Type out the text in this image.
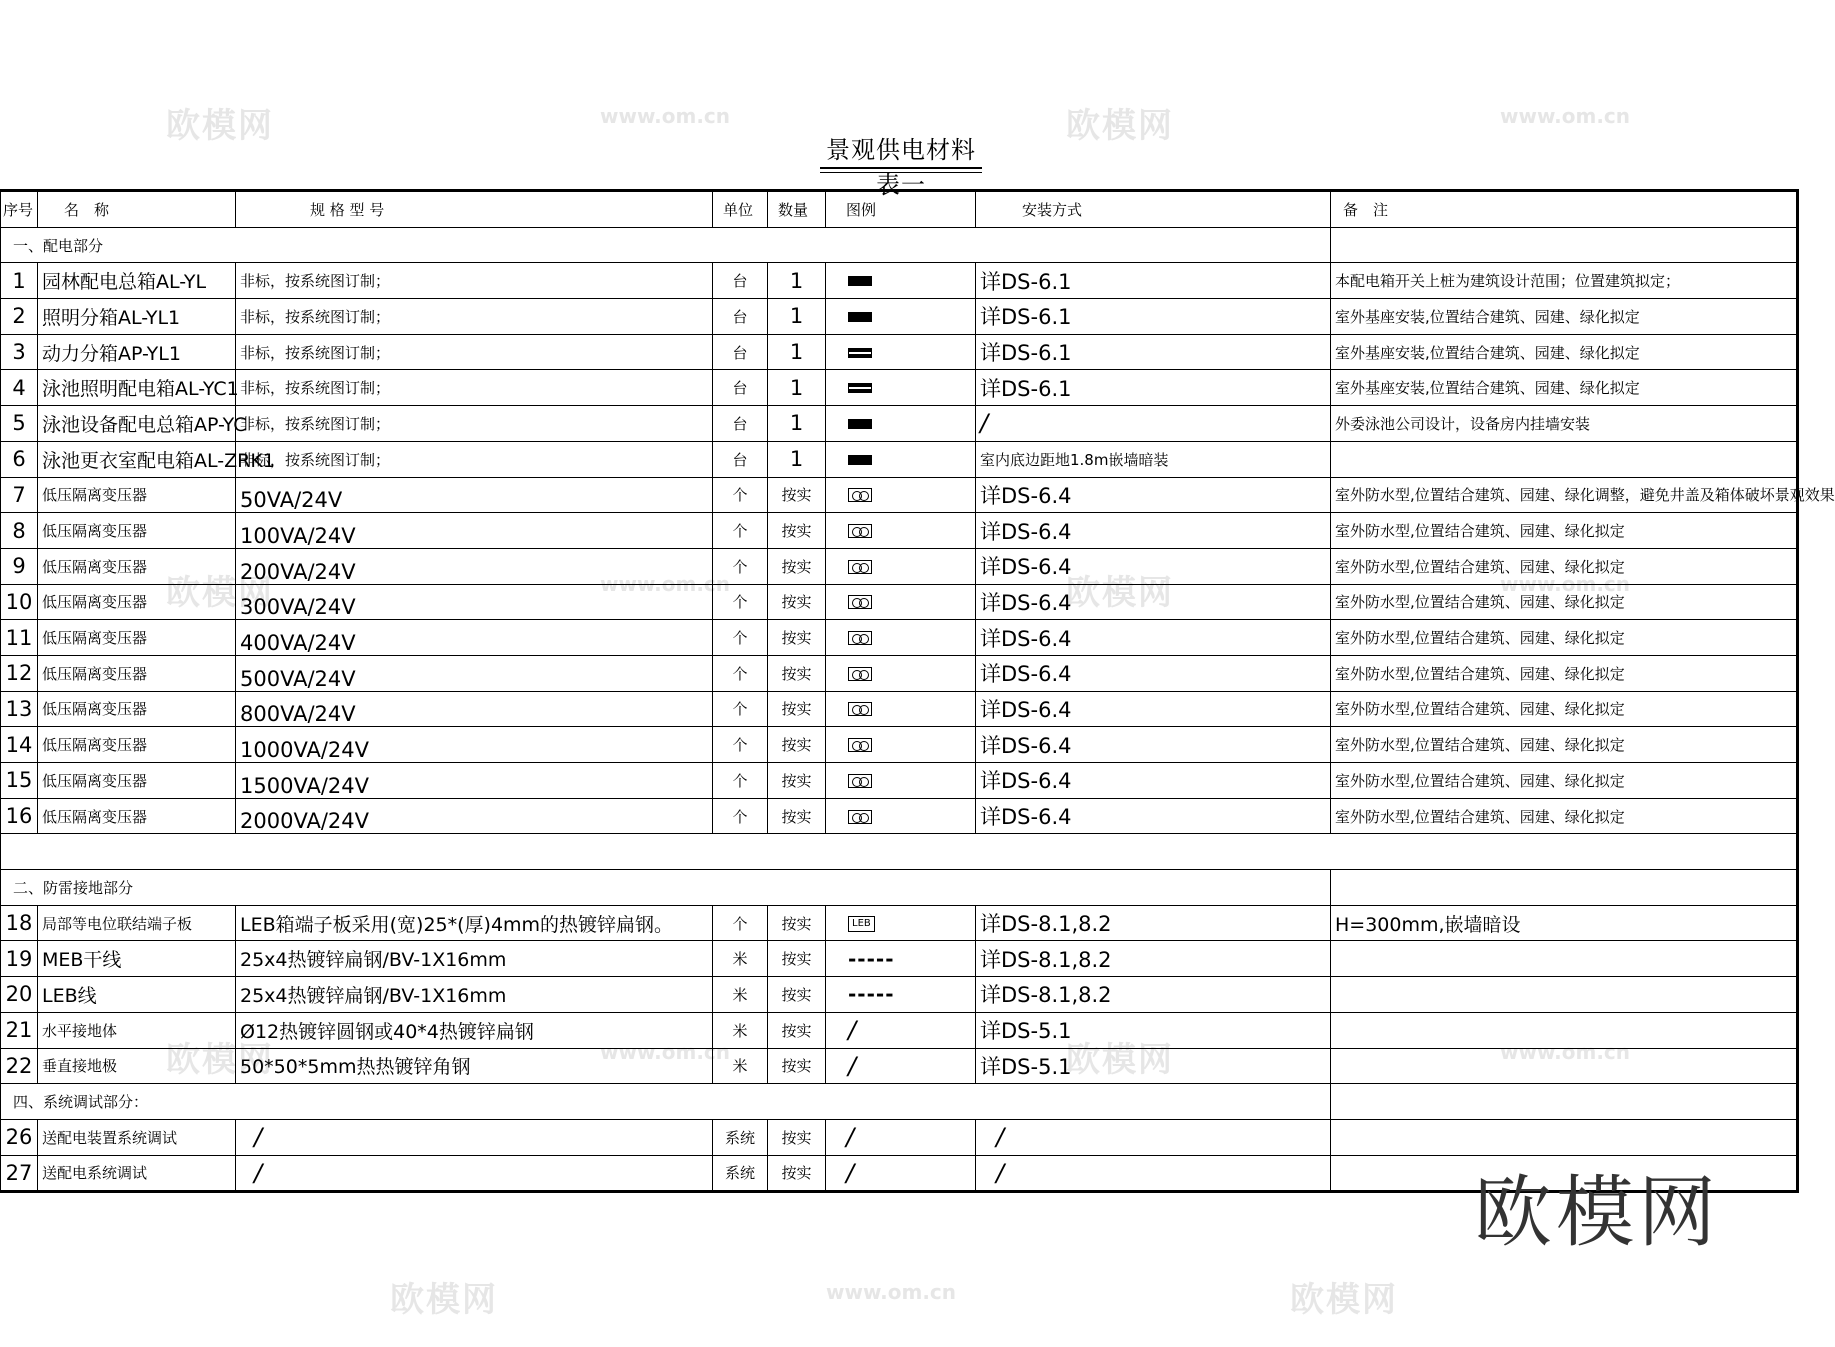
欧模网	www.om.cn	欧模网	www.om.cn
欧模网	www.om.cn	欧模网	www.om.cn
欧模网	www.om.cn	欧模网	www.om.cn
欧模网	www.om.cn	欧模网
景观供电材料表一
序号	名　称	规 格 型 号	单位	数量	图例	安装方式	备　注
一、配电部分							
1	园林配电总箱AL-YL	非标，按系统图订制；	台	1		详DS-6.1	本配电箱开关上桩为建筑设计范围；位置建筑拟定；
2	照明分箱AL-YL1	非标，按系统图订制；	台	1		详DS-6.1	室外基座安装,位置结合建筑、园建、绿化拟定
3	动力分箱AP-YL1	非标，按系统图订制；	台	1		详DS-6.1	室外基座安装,位置结合建筑、园建、绿化拟定
4	泳池照明配电箱AL-YC1	非标，按系统图订制；	台	1		详DS-6.1	室外基座安装,位置结合建筑、园建、绿化拟定
5	泳池设备配电总箱AP-YC	非标，按系统图订制；	台	1		/	外委泳池公司设计，设备房内挂墙安装
6	泳池更衣室配电箱AL-ZRK1	非标，按系统图订制；	台	1		室内底边距地1.8m嵌墙暗装	
7	低压隔离变压器	50VA/24V	个	按实		详DS-6.4	室外防水型,位置结合建筑、园建、绿化调整，避免井盖及箱体破坏景观效果
8	低压隔离变压器	100VA/24V	个	按实		详DS-6.4	室外防水型,位置结合建筑、园建、绿化拟定
9	低压隔离变压器	200VA/24V	个	按实		详DS-6.4	室外防水型,位置结合建筑、园建、绿化拟定
10	低压隔离变压器	300VA/24V	个	按实		详DS-6.4	室外防水型,位置结合建筑、园建、绿化拟定
11	低压隔离变压器	400VA/24V	个	按实		详DS-6.4	室外防水型,位置结合建筑、园建、绿化拟定
12	低压隔离变压器	500VA/24V	个	按实		详DS-6.4	室外防水型,位置结合建筑、园建、绿化拟定
13	低压隔离变压器	800VA/24V	个	按实		详DS-6.4	室外防水型,位置结合建筑、园建、绿化拟定
14	低压隔离变压器	1000VA/24V	个	按实		详DS-6.4	室外防水型,位置结合建筑、园建、绿化拟定
15	低压隔离变压器	1500VA/24V	个	按实		详DS-6.4	室外防水型,位置结合建筑、园建、绿化拟定
16	低压隔离变压器	2000VA/24V	个	按实		详DS-6.4	室外防水型,位置结合建筑、园建、绿化拟定

二、防雷接地部分							
18	局部等电位联结端子板	LEB箱端子板采用(宽)25*(厚)4mm的热镀锌扁钢。	个	按实	LEB	详DS-8.1,8.2	H=300mm,嵌墙暗设
19	MEB干线	25x4热镀锌扁钢/BV-1X16mm	米	按实	-----	详DS-8.1,8.2	
20	LEB线	25x4热镀锌扁钢/BV-1X16mm	米	按实	-----	详DS-8.1,8.2	
21	水平接地体	Ø12热镀锌圆钢或40*4热镀锌扁钢	米	按实	/	详DS-5.1	
22	垂直接地极	50*50*5mm热热镀锌角钢	米	按实	/	详DS-5.1	
四、系统调试部分：							
26	送配电装置系统调试	/	系统	按实	/	/	
27	送配电系统调试	/	系统	按实	/	/		欧模网
